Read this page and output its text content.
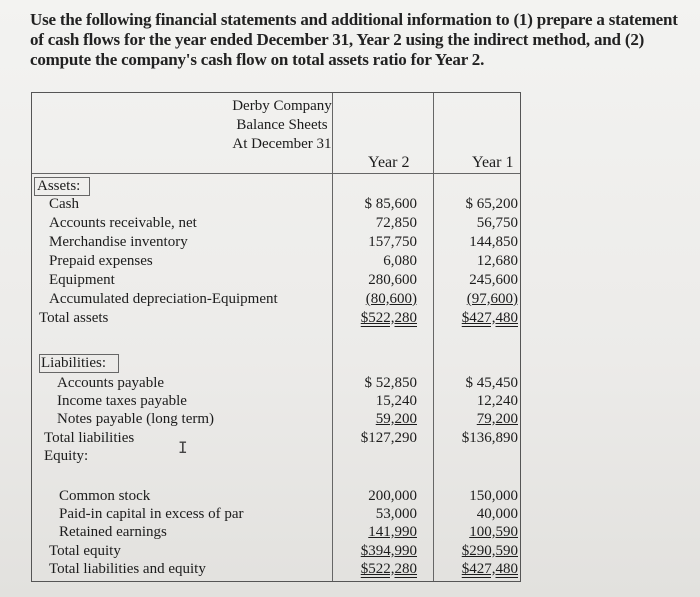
Use the following financial statements and additional information to (1) prepare a statement of cash flows for the year ended December 31, Year 2 using the indirect method, and (2) compute the company's cash flow on total assets ratio for Year 2.
Derby Company
Balance Sheets
At December 31
Year 2	Year 1
Assets:
Cash	$ 85,600	$ 65,200
Accounts receivable, net	72,850	56,750
Merchandise inventory	157,750	144,850
Prepaid expenses	6,080	12,680
Equipment	280,600	245,600
Accumulated depreciation-Equipment	(80,600)	(97,600)
Total assets	$522,280	$427,480
Liabilities:
Accounts payable	$ 52,850	$ 45,450
Income taxes payable	15,240	12,240
Notes payable (long term)	59,200	79,200
Total liabilities	$127,290	$136,890
Equity:	I
Common stock	200,000	150,000
Paid-in capital in excess of par	53,000	40,000
Retained earnings	141,990	100,590
Total equity	$394,990	$290,590
Total liabilities and equity	$522,280	$427,480
